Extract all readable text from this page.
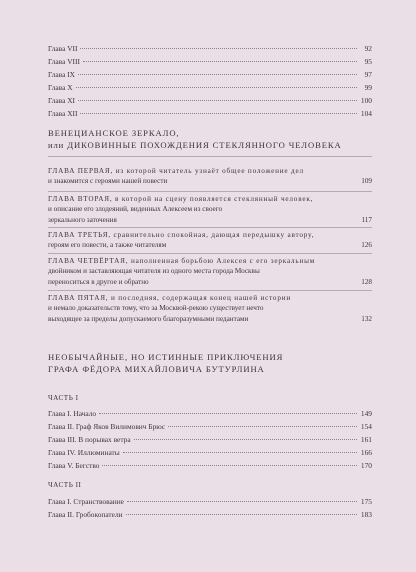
Глава VII	92
Глава VIII	95
Глава IX	97
Глава X	99
Глава XI	100
Глава XII	104
ВЕНЕЦИАНСКОЕ ЗЕРКАЛО,
или ДИКОВИННЫЕ ПОХОЖДЕНИЯ СТЕКЛЯННОГО ЧЕЛОВЕКА
ГЛАВА ПЕРВАЯ, из которой читатель узнаёт общее положение дел
и знакомится с героями нашей повести	109
ГЛАВА ВТОРАЯ, в которой на сцену появляется стеклянный человек,
и описание его злодеяний, виденных Алексеем из своего
зеркального заточения	117
ГЛАВА ТРЕТЬЯ, сравнительно спокойная, дающая передышку автору,
героям его повести, а также читателям	126
ГЛАВА ЧЕТВЁРТАЯ, наполненная борьбою Алексея с его зеркальным
двойником и заставляющая читателя из одного места города Москвы
переноситься в другое и обратно	128
ГЛАВА ПЯТАЯ, и последняя, содержащая конец нашей истории
и немало доказательств тому, что за Москвой-рекою существует нечто
выходящее за пределы допускаемого благоразумными педантами	132
НЕОБЫЧАЙНЫЕ, НО ИСТИННЫЕ ПРИКЛЮЧЕНИЯ
ГРАФА ФЁДОРА МИХАЙЛОВИЧА БУТУРЛИНА
ЧАСТЬ I
Глава I. Начало	149
Глава II. Граф Яков Вилимович Брюс	154
Глава III. В порывах ветра	161
Глава IV. Иллюминаты	166
Глава V. Бегство	170
ЧАСТЬ II
Глава I. Странствование	175
Глава II. Гробокопатели	183
